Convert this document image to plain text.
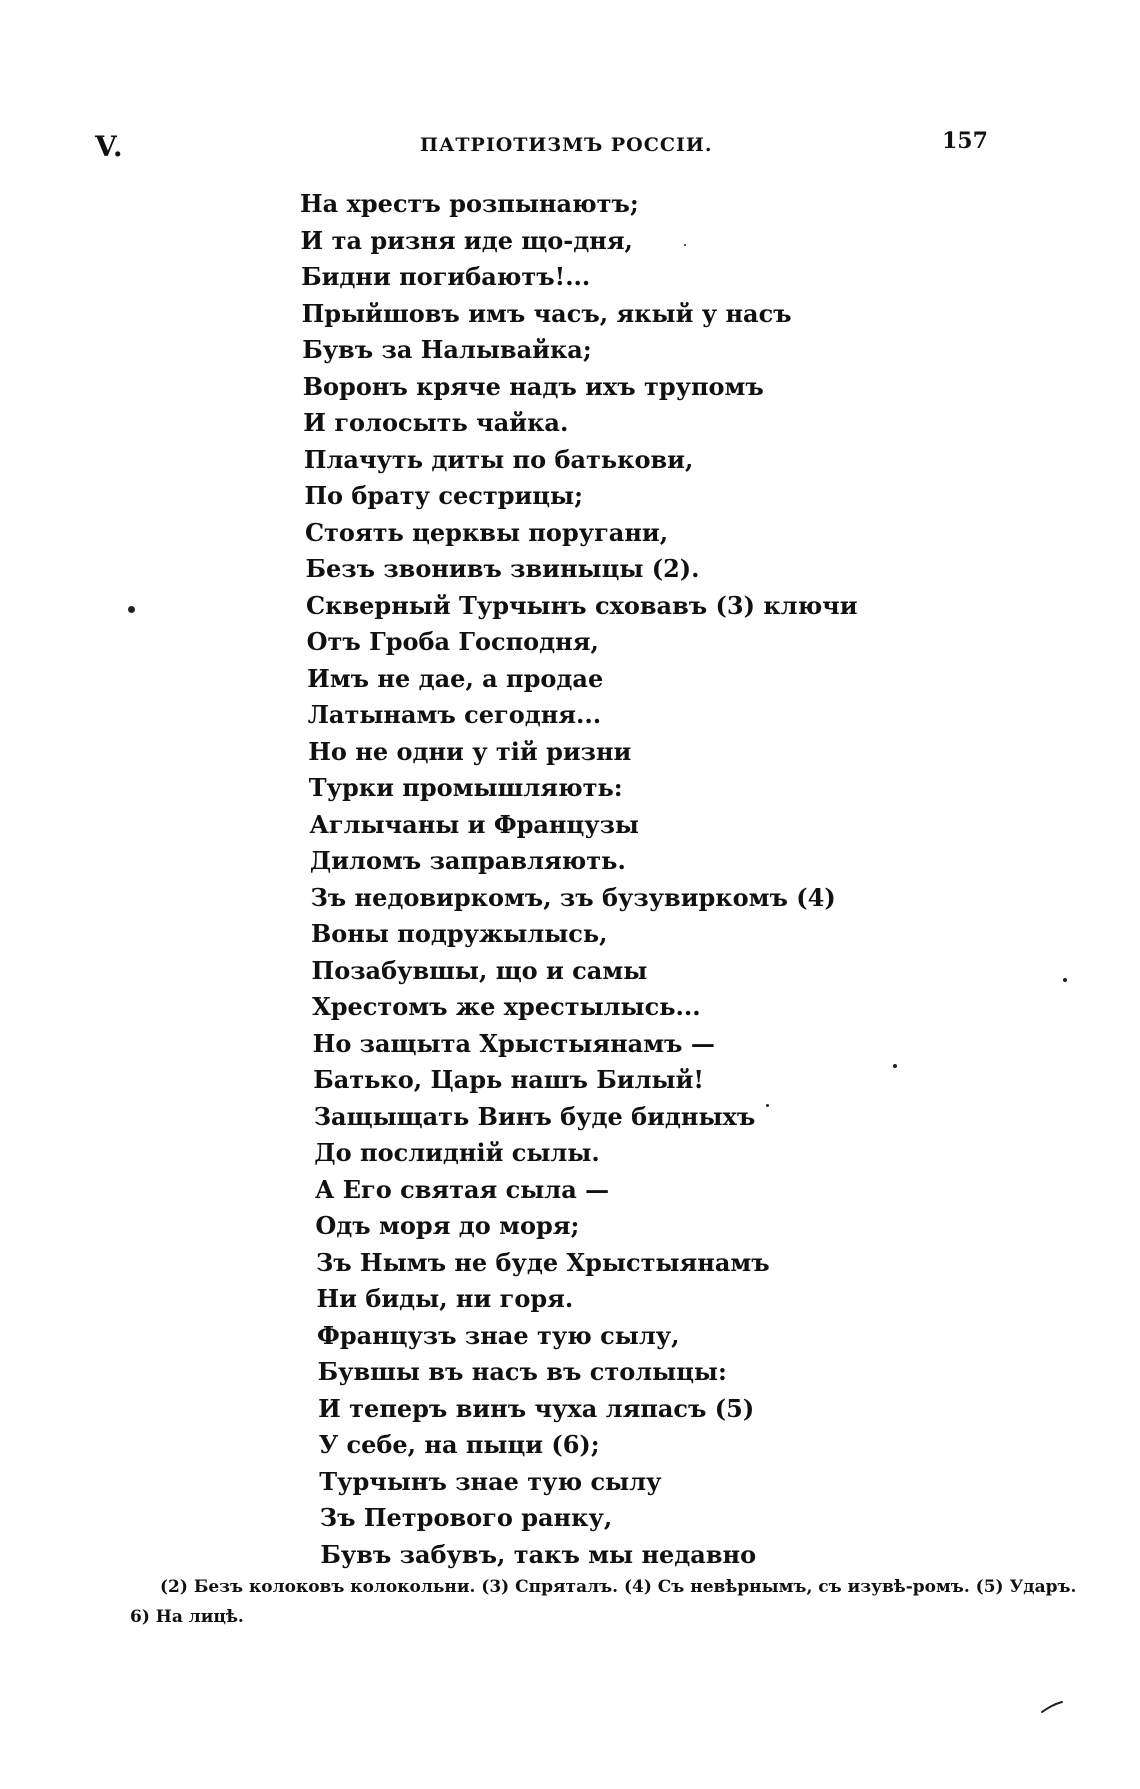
V.	ПАТРІОТИЗМЪ РОССІИ.	157
На хрестъ розпынаютъ;
И та ризня иде що-дня,
Бидни погибаютъ!...
Прыйшовъ имъ часъ, якый у насъ
Бувъ за Налывайка;
Воронъ кряче надъ ихъ трупомъ
И голосыть чайка.
Плачуть диты по батькови,
По брату сестрицы;
Стоять церквы поругани,
Безъ звонивъ звиныцы (2).
Скверный Турчынъ сховавъ (3) ключи
Отъ Гроба Господня,
Имъ не дае, а продае
Латынамъ сегодня...
Но не одни у тій ризни
Турки промышляють:
Аглычаны и Французы
Диломъ заправляють.
Зъ недовиркомъ, зъ бузувиркомъ (4)
Воны подружылысь,
Позабувшы, що и самы
Хрестомъ же хрестылысь...
Но защыта Хрыстыянамъ —
Батько, Царь нашъ Билый!
Защыщать Винъ буде бидныхъ
До послидній сылы.
А Его святая сыла —
Одъ моря до моря;
Зъ Нымъ не буде Хрыстыянамъ
Ни биды, ни горя.
Французъ знае тую сылу,
Бувшы въ насъ въ столыцы:
И теперъ винъ чуха ляпасъ (5)
У себе, на пыци (6);
Турчынъ знае тую сылу
Зъ Петрового ранку,
Бувъ забувъ, такъ мы недавно
(2) Безъ колоковъ колокольни. (3) Спряталъ. (4) Съ невѣрнымъ, съ изувѣ-ромъ. (5) Ударъ.
6) На лицѣ.
